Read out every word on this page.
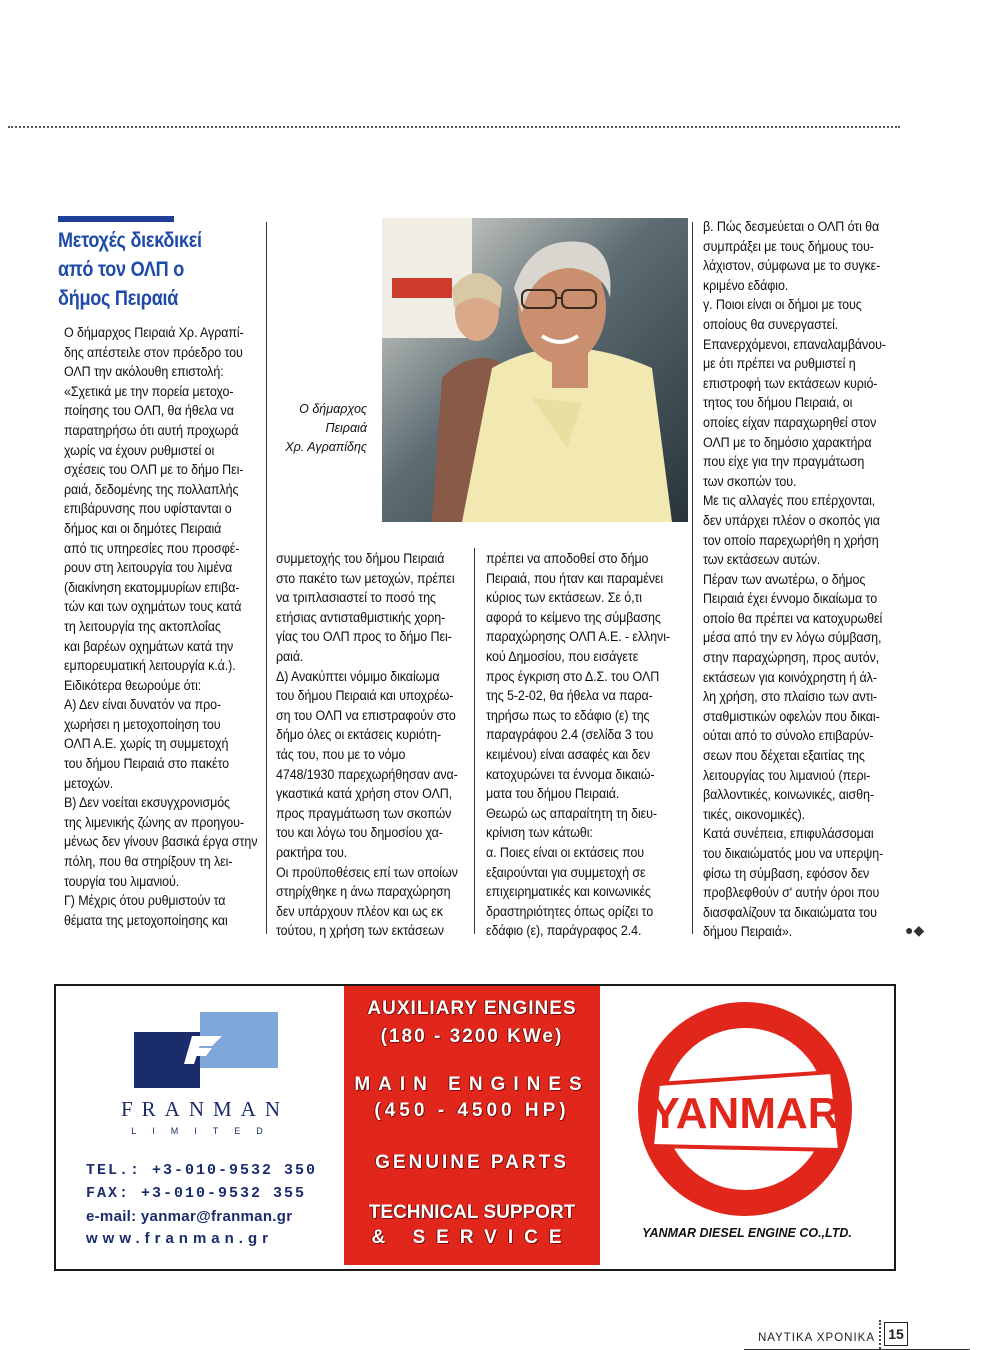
Μετοχές διεκδικεί από τον ΟΛΠ ο δήμος Πειραιά

Ο δήμαρχος Πειραιά Χρ. Αγραπί-

δης απέστειλε στον πρόεδρο του

ΟΛΠ την ακόλουθη επιστολή:

«Σχετικά με την πορεία μετοχο-

ποίησης του ΟΛΠ, θα ήθελα να

παρατηρήσω ότι αυτή προχωρά

χωρίς να έχουν ρυθμιστεί οι

σχέσεις του ΟΛΠ με το δήμο Πει-

ραιά, δεδομένης της πολλαπλής

επιβάρυνσης που υφίστανται ο

δήμος και οι δημότες Πειραιά

από τις υπηρεσίες που προσφέ-

ρουν στη λειτουργία του λιμένα

(διακίνηση εκατομμυρίων επιβα-

τών και των οχημάτων τους κατά

τη λειτουργία της ακτοπλοΐας

και βαρέων οχημάτων κατά την

εμπορευματική λειτουργία κ.ά.).

Ειδικότερα θεωρούμε ότι:

Α) Δεν είναι δυνατόν να προ-

χωρήσει η μετοχοποίηση του

ΟΛΠ Α.Ε. χωρίς τη συμμετοχή

του δήμου Πειραιά στο πακέτο

μετοχών.

Β) Δεν νοείται εκσυγχρονισμός

της λιμενικής ζώνης αν προηγου-

μένως δεν γίνουν βασικά έργα στην

πόλη, που θα στηρίξουν τη λει-

τουργία του λιμανιού.

Γ) Μέχρις ότου ρυθμιστούν τα

θέματα της μετοχοποίησης και

συμμετοχής του δήμου Πειραιά

στο πακέτο των μετοχών, πρέπει

να τριπλασιαστεί το ποσό της

ετήσιας αντισταθμιστικής χορη-

γίας του ΟΛΠ προς το δήμο Πει-

ραιά.

Δ) Ανακύπτει νόμιμο δικαίωμα

του δήμου Πειραιά και υποχρέω-

ση του ΟΛΠ να επιστραφούν στο

δήμο όλες οι εκτάσεις κυριότη-

τάς του, που με το νόμο

4748/1930 παρεχωρήθησαν ανα-

γκαστικά κατά χρήση στον ΟΛΠ,

προς πραγμάτωση των σκοπών

του και λόγω του δημοσίου χα-

ρακτήρα του.

Οι προϋποθέσεις επί των οποίων

στηρίχθηκε η άνω παραχώρηση

δεν υπάρχουν πλέον και ως εκ

τούτου, η χρήση των εκτάσεων

πρέπει να αποδοθεί στο δήμο

Πειραιά, που ήταν και παραμένει

κύριος των εκτάσεων. Σε ό,τι

αφορά το κείμενο της σύμβασης

παραχώρησης ΟΛΠ Α.Ε. - ελληνι-

κού Δημοσίου, που εισάγετε

προς έγκριση στο Δ.Σ. του ΟΛΠ

της 5-2-02, θα ήθελα να παρα-

τηρήσω πως το εδάφιο (ε) της

παραγράφου 2.4 (σελίδα 3 του

κειμένου) είναι ασαφές και δεν

κατοχυρώνει τα έννομα δικαιώ-

ματα του δήμου Πειραιά.

Θεωρώ ως απαραίτητη τη διευ-

κρίνιση των κάτωθι:

α. Ποιες είναι οι εκτάσεις που

εξαιρούνται για συμμετοχή σε

επιχειρηματικές και κοινωνικές

δραστηριότητες όπως ορίζει το

εδάφιο (ε), παράγραφος 2.4.

β. Πώς δεσμεύεται ο ΟΛΠ ότι θα

συμπράξει με τους δήμους του-

λάχιστον, σύμφωνα με το συγκε-

κριμένο εδάφιο.

γ. Ποιοι είναι οι δήμοι με τους

οποίους θα συνεργαστεί.

Επανερχόμενοι, επαναλαμβάνου-

με ότι πρέπει να ρυθμιστεί η

επιστροφή των εκτάσεων κυριό-

τητος του δήμου Πειραιά, οι

οποίες είχαν παραχωρηθεί στον

ΟΛΠ με το δημόσιο χαρακτήρα

που είχε για την πραγμάτωση

των σκοπών του.

Με τις αλλαγές που επέρχονται,

δεν υπάρχει πλέον ο σκοπός για

τον οποίο παρεχωρήθη η χρήση

των εκτάσεων αυτών.

Πέραν των ανωτέρω, ο δήμος

Πειραιά έχει έννομο δικαίωμα το

οποίο θα πρέπει να κατοχυρωθεί

μέσα από την εν λόγω σύμβαση,

στην παραχώρηση, προς αυτόν,

εκτάσεων για κοινόχρηστη ή άλ-

λη χρήση, στο πλαίσιο των αντι-

σταθμιστικών οφελών που δικαι-

ούται από το σύνολο επιβαρύν-

σεων που δέχεται εξαιτίας της

λειτουργίας του λιμανιού (περι-

βαλλοντικές, κοινωνικές, αισθη-

τικές, οικονομικές).

Κατά συνέπεια, επιφυλάσσομαι

του δικαιώματός μου να υπερψη-

φίσω τη σύμβαση, εφόσον δεν

προβλεφθούν σ' αυτήν όροι που

διασφαλίζουν τα δικαιώματα του

δήμου Πειραιά».

Ο δήμαρχος
Πειραιά
Χρ. Αγραπίδης
●◆
FRANMAN
LIMITED
TEL.: +3-010-9532 350
FAX: +3-010-9532 355
e-mail: yanmar@franman.gr
www.franman.gr
AUXILIARY ENGINES
(180 - 3200 KWe)
MAIN ENGINES
(450 - 4500 HP)
GENUINE PARTS
TECHNICAL SUPPORT
& SERVICE
YANMAR
YANMAR DIESEL ENGINE CO.,LTD.
ΝΑΥΤΙΚΑ ΧΡΟΝΙΚΑ 15
